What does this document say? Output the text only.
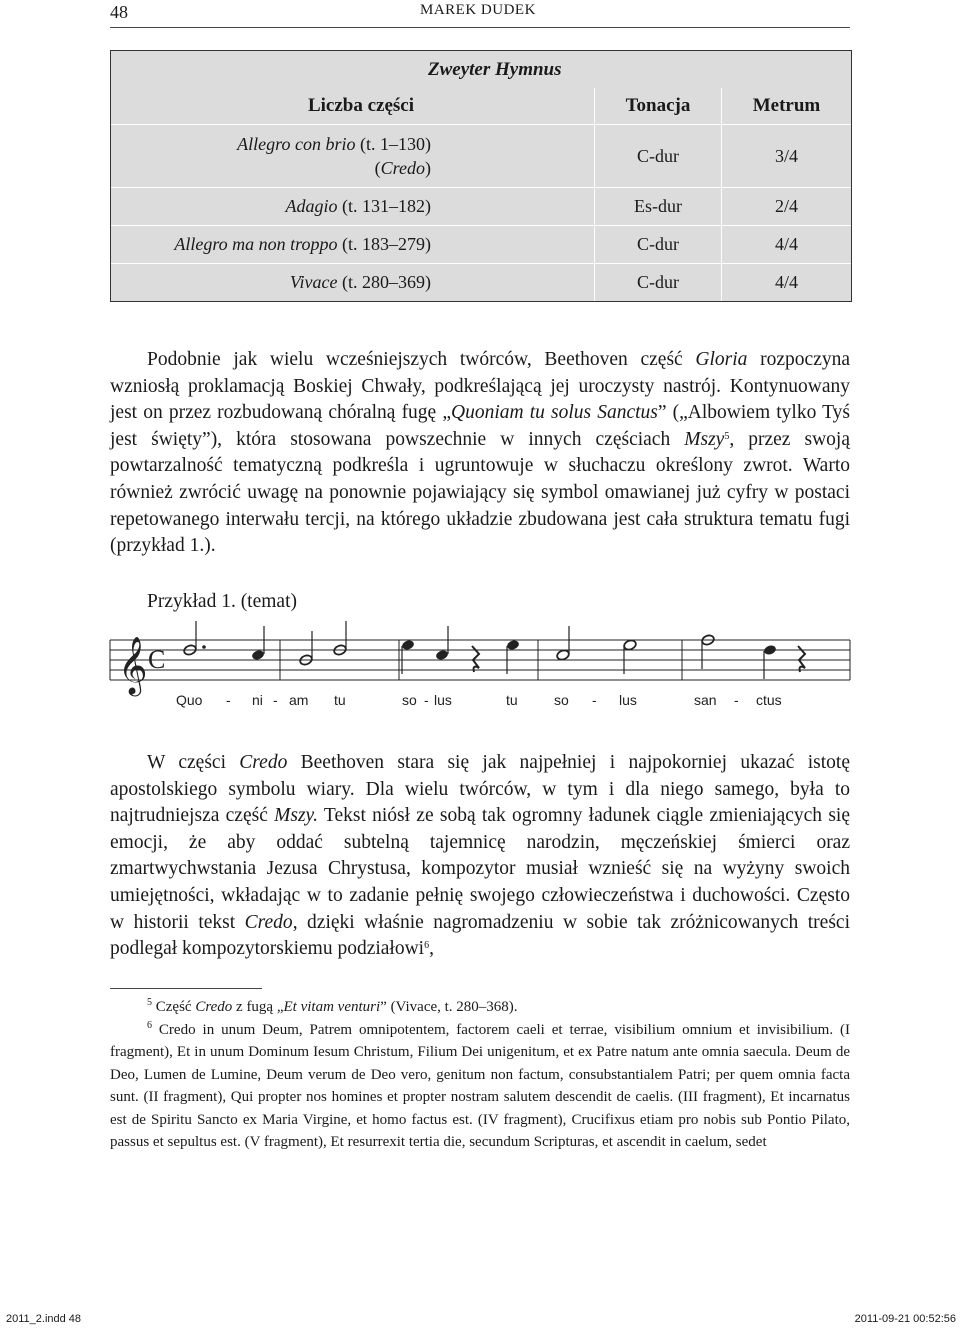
48	MAREK DUDEK
Zweyter Hymnus
Liczba części	Tonacja	Metrum
Allegro con brio (t. 1–130)
(Credo)
C-dur	3/4
Adagio (t. 131–182)	Es-dur	2/4
Allegro ma non troppo (t. 183–279)	C-dur	4/4
Vivace (t. 280–369)	C-dur	4/4

Podobnie jak wielu wcześniejszych twórców, Beethoven część Gloria rozpoczyna wzniosłą proklamacją Boskiej Chwały, podkreślającą jej uroczysty nastrój. Kontynuowany jest on przez rozbudowaną chóralną fugę „Quoniam tu solus Sanctus” („Albowiem tylko Tyś jest święty”), która stosowana powszechnie w innych częściach Mszy$^5$, przez swoją powtarzalność tematyczną podkreśla i ugruntowuje w słuchaczu określony zwrot. Warto również zwrócić uwagę na ponownie pojawiający się symbol omawianej już cyfry w postaci repetowanego interwału tercji, na którego układzie zbudowana jest cała struktura tematu fugi (przykład 1.).

Przykład 1. (temat)
𝄞 C
Quo - ni - am tu	so - lus	tu	so - lus	san - ctus

W części Credo Beethoven stara się jak najpełniej i najpokorniej ukazać istotę apostolskiego symbolu wiary. Dla wielu twórców, w tym i dla niego samego, była to najtrudniejsza część Mszy. Tekst niósł ze sobą tak ogromny ładunek ciągle zmieniających się emocji, że aby oddać subtelną tajemnicę narodzin, męczeńskiej śmierci oraz zmartwychwstania Jezusa Chrystusa, kompozytor musiał wznieść się na wyżyny swoich umiejętności, wkładając w to zadanie pełnię swojego człowieczeństwa i duchowości. Często w historii tekst Credo, dzięki właśnie nagromadzeniu w sobie tak zróżnicowanych treści podlegał kompozytorskiemu podziałowi$^6$,

$^5$ Część Credo z fugą „Et vitam venturi” (Vivace, t. 280–368).

$^6$ Credo in unum Deum, Patrem omnipotentem, factorem caeli et terrae, visibilium omnium et invisibilium. (I fragment), Et in unum Dominum Iesum Christum, Filium Dei unigenitum, et ex Patre natum ante omnia saecula. Deum de Deo, Lumen de Lumine, Deum verum de Deo vero, genitum non factum, consubstantialem Patri; per quem omnia facta sunt. (II fragment), Qui propter nos homines et propter nostram salutem descendit de caelis. (III fragment), Et incarnatus est de Spiritu Sancto ex Maria Virgine, et homo factus est. (IV fragment), Crucifixus etiam pro nobis sub Pontio Pilato, passus et sepultus est. (V fragment), Et resurrexit tertia die, secundum Scripturas, et ascendit in caelum, sedet

2011_2.indd 48	2011-09-21 00:52:56
